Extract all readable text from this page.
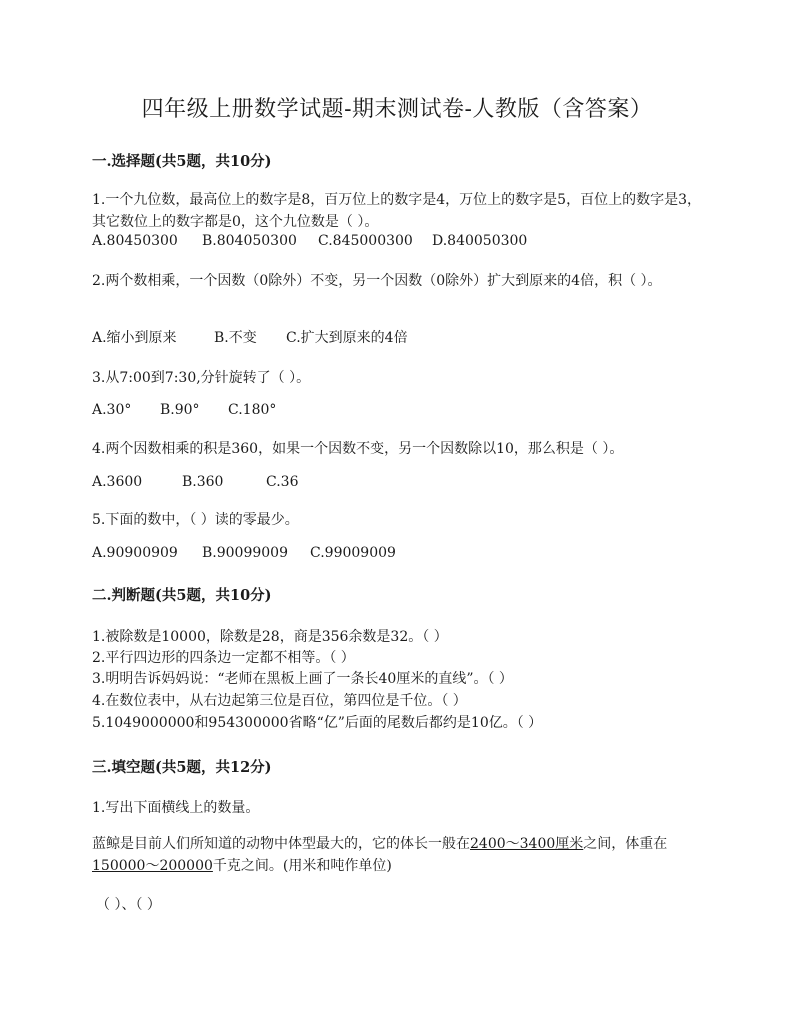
四年级上册数学试题-期末测试卷-人教版（含答案）
一.选择题(共5题，共10分)
1.一个九位数，最高位上的数字是8，百万位上的数字是4，万位上的数字是5，百位上的数字是3，其它数位上的数字都是0，这个九位数是（ ）。
A.80450300 B.804050300 C.845000300 D.840050300
2.两个数相乘，一个因数（0除外）不变，另一个因数（0除外）扩大到原来的4倍，积（ ）。
A.缩小到原来	B.不变 C.扩大到原来的4倍
3.从7:00到7:30,分针旋转了（ ）。
A.30° B.90° C.180°
4.两个因数相乘的积是360，如果一个因数不变，另一个因数除以10，那么积是（ ）。
A.3600	B.360	C.36
5.下面的数中，（ ）读的零最少。
A.90900909 B.90099009 C.99009009
二.判断题(共5题，共10分)
1.被除数是10000，除数是28，商是356余数是32。（ ）
2.平行四边形的四条边一定都不相等。（ ）
3.明明告诉妈妈说：“老师在黑板上画了一条长40厘米的直线”。（ ）
4.在数位表中，从右边起第三位是百位，第四位是千位。（ ）
5.1049000000和954300000省略“亿”后面的尾数后都约是10亿。（ ）
三.填空题(共5题，共12分)
1.写出下面横线上的数量。
蓝鲸是目前人们所知道的动物中体型最大的，它的体长一般在2400～3400厘米之间，体重在150000～200000千克之间。(用米和吨作单位)
（ ）、（ ）
